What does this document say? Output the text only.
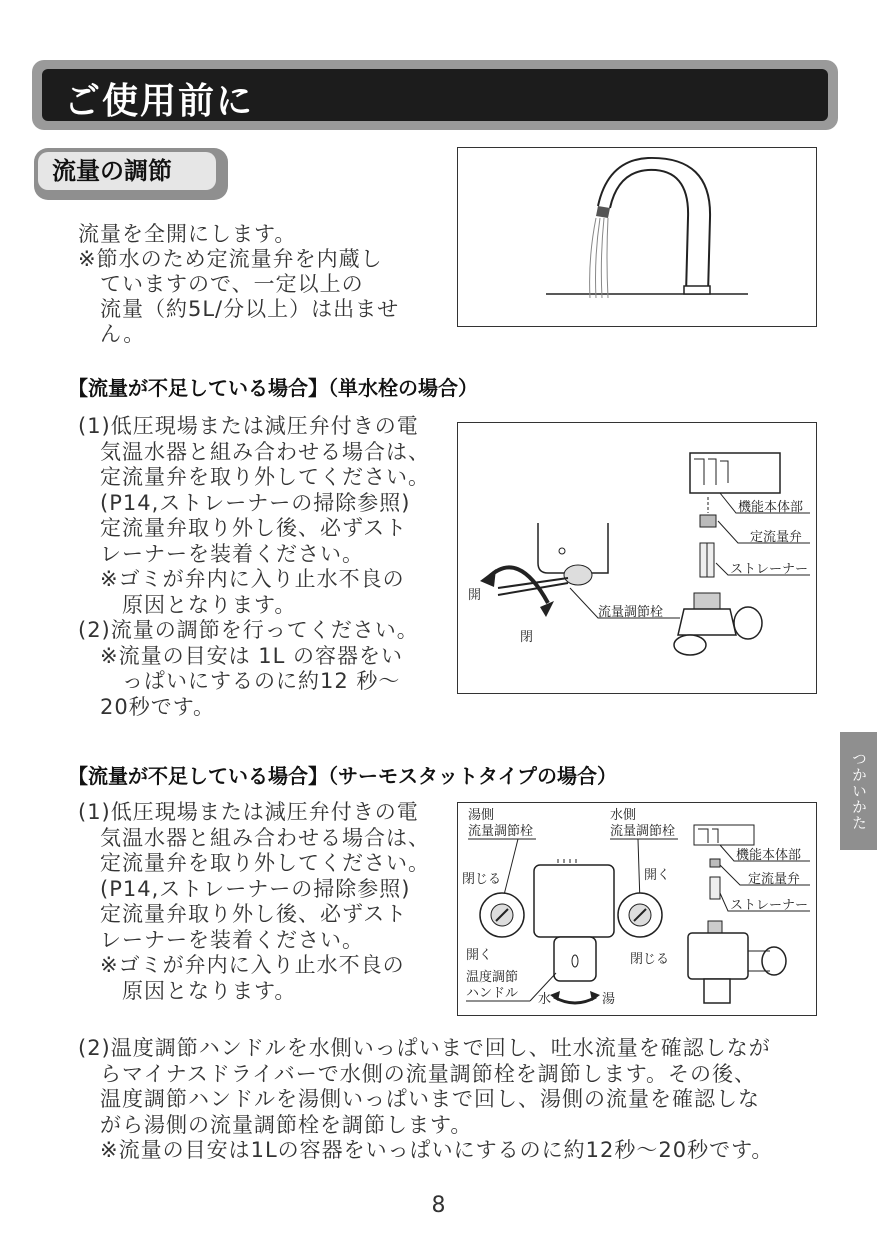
ご使用前に
流量の調節
流量を全開にします。
※節水のため定流量弁を内蔵し
ていますので、一定以上の
流量（約5L/分以上）は出ませ
ん。
【流量が不足している場合】（単水栓の場合）
(1)低圧現場または減圧弁付きの電
気温水器と組み合わせる場合は、
定流量弁を取り外してください。
(P14,ストレーナーの掃除参照)
定流量弁取り外し後、必ずスト
レーナーを装着ください。
※ゴミが弁内に入り止水不良の
原因となります。
(2)流量の調節を行ってください。
※流量の目安は 1L の容器をい
っぱいにするのに約12 秒～
20秒です。
開
閉
流量調節栓
機能本体部
定流量弁
ストレーナー
【流量が不足している場合】（サーモスタットタイプの場合）
(1)低圧現場または減圧弁付きの電
気温水器と組み合わせる場合は、
定流量弁を取り外してください。
(P14,ストレーナーの掃除参照)
定流量弁取り外し後、必ずスト
レーナーを装着ください。
※ゴミが弁内に入り止水不良の
原因となります。
湯側
流量調節栓
水側
流量調節栓
閉じる
開く
開く
閉じる
温度調節
ハンドル 水	湯
機能本体部
定流量弁
ストレーナー
(2)温度調節ハンドルを水側いっぱいまで回し、吐水流量を確認しなが
らマイナスドライバーで水側の流量調節栓を調節します。その後、
温度調節ハンドルを湯側いっぱいまで回し、湯側の流量を確認しな
がら湯側の流量調節栓を調節します。
※流量の目安は1Lの容器をいっぱいにするのに約12秒～20秒です。
つかいかた
8
